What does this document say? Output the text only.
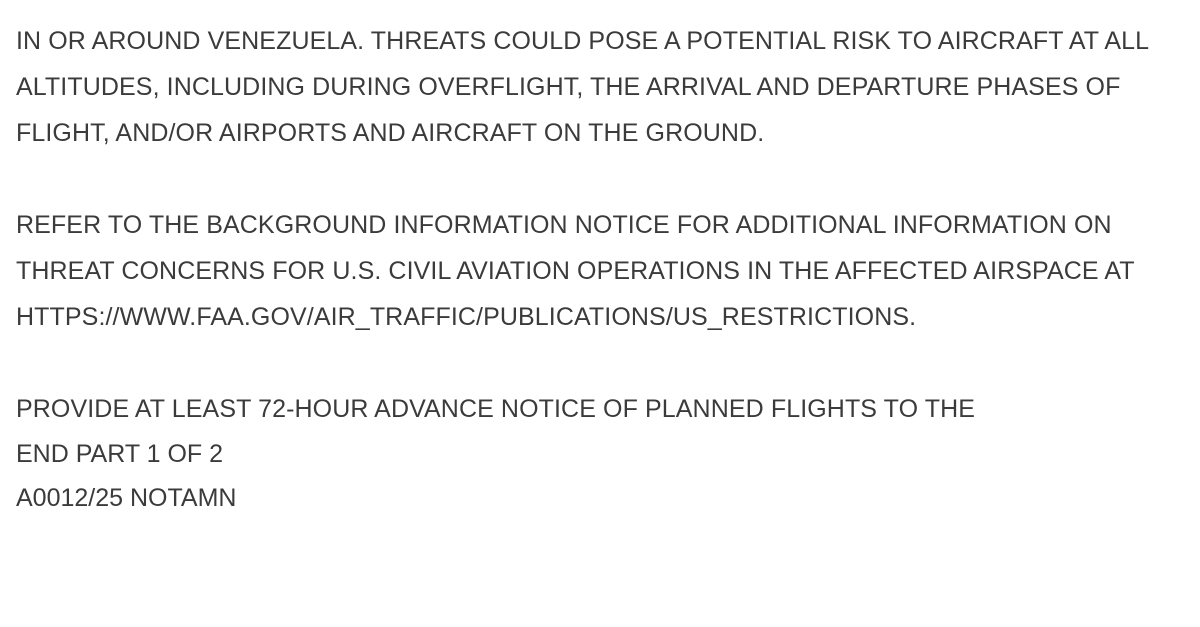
IN OR AROUND VENEZUELA. THREATS COULD POSE A POTENTIAL RISK TO AIRCRAFT AT ALL ALTITUDES, INCLUDING DURING OVERFLIGHT, THE ARRIVAL AND DEPARTURE PHASES OF FLIGHT, AND/OR AIRPORTS AND AIRCRAFT ON THE GROUND.

REFER TO THE BACKGROUND INFORMATION NOTICE FOR ADDITIONAL INFORMATION ON THREAT CONCERNS FOR U.S. CIVIL AVIATION OPERATIONS IN THE AFFECTED AIRSPACE AT HTTPS://WWW.FAA.GOV/AIR_TRAFFIC/PUBLICATIONS/US_RESTRICTIONS.

PROVIDE AT LEAST 72-HOUR ADVANCE NOTICE OF PLANNED FLIGHTS TO THE

END PART 1 OF 2

A0012/25 NOTAMN
